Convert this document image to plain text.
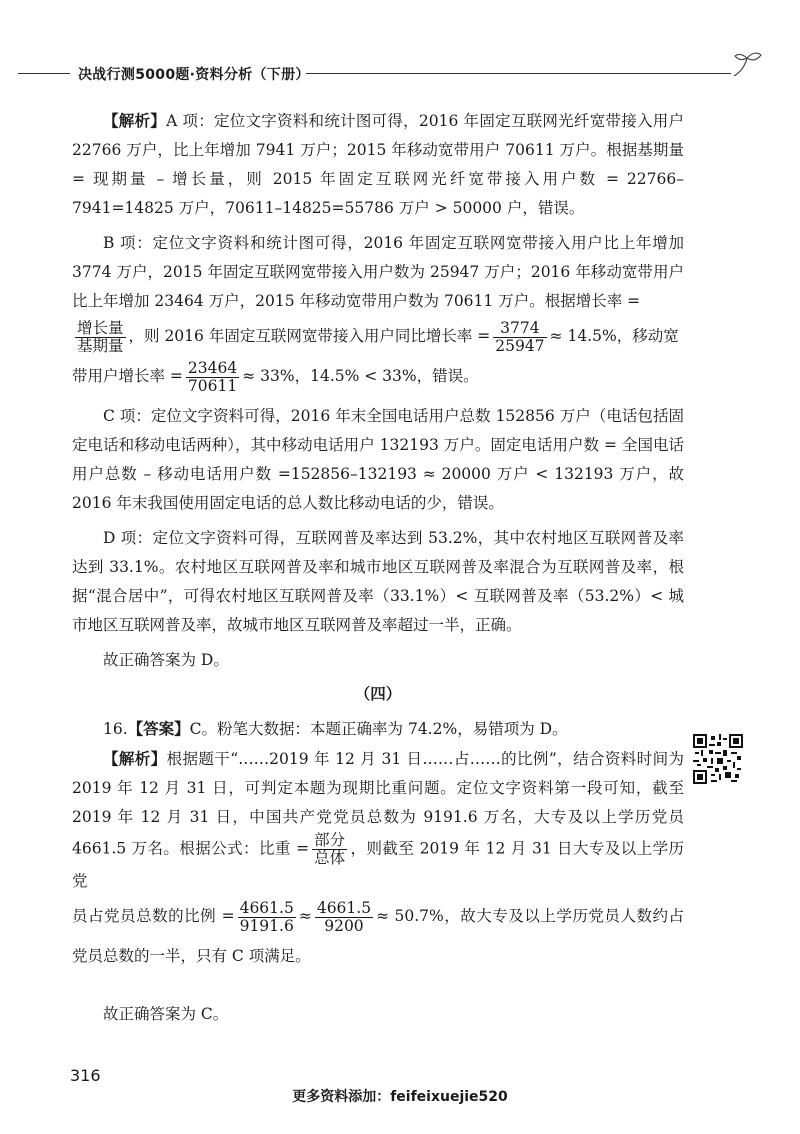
决战行测5000题·资料分析（下册）

【解析】A 项：定位文字资料和统计图可得，2016 年固定互联网光纤宽带接入用户 22766 万户，比上年增加 7941 万户；2015 年移动宽带用户 70611 万户。根据基期量 = 现期量 – 增长量，则 2015 年固定互联网光纤宽带接入用户数 = 22766–7941=14825 万户，70611–14825=55786 万户 > 50000 户，错误。

B 项：定位文字资料和统计图可得，2016 年固定互联网宽带接入用户比上年增加 3774 万户，2015 年固定互联网宽带接入用户数为 25947 万户；2016 年移动宽带用户比上年增加 23464 万户，2015 年移动宽带用户数为 70611 万户。根据增长率 =

$\frac{\text{增长量}}{\text{基期量}}$ ，则 2016 年固定互联网宽带接入用户同比增长率 = $\frac{3774}{25947} \approx 14.5\%$，移动宽

带用户增长率 = $\frac{23464}{70611} \approx 33\%$，14.5% < 33%，错误。

C 项：定位文字资料可得，2016 年末全国电话用户总数 152856 万户（电话包括固定电话和移动电话两种），其中移动电话用户 132193 万户。固定电话用户数 = 全国电话用户总数 – 移动电话用户数 =152856–132193 ≈ 20000 万户 < 132193 万户，故 2016 年末我国使用固定电话的总人数比移动电话的少，错误。

D 项：定位文字资料可得，互联网普及率达到 53.2%，其中农村地区互联网普及率达到 33.1%。农村地区互联网普及率和城市地区互联网普及率混合为互联网普及率，根据“混合居中”，可得农村地区互联网普及率（33.1%）< 互联网普及率（53.2%）< 城市地区互联网普及率，故城市地区互联网普及率超过一半，正确。

故正确答案为 D。

（四）

16.【答案】C。粉笔大数据：本题正确率为 74.2%，易错项为 D。

【解析】根据题干“……2019 年 12 月 31 日……占……的比例”，结合资料时间为 2019 年 12 月 31 日，可判定本题为现期比重问题。定位文字资料第一段可知，截至 2019 年 12 月 31 日，中国共产党党员总数为 9191.6 万名，大专及以上学历党员 4661.5 万名。根据公式：比重 = $\frac{\text{部分}}{\text{总体}}$ ，则截至 2019 年 12 月 31 日大专及以上学历党

员占党员总数的比例 = $\frac{4661.5}{9191.6} \approx \frac{4661.5}{9200} \approx 50.7\%$，故大专及以上学历党员人数约占党员总数的一半，只有 C 项满足。

故正确答案为 C。

316
更多资料添加：feifeixuejie520
